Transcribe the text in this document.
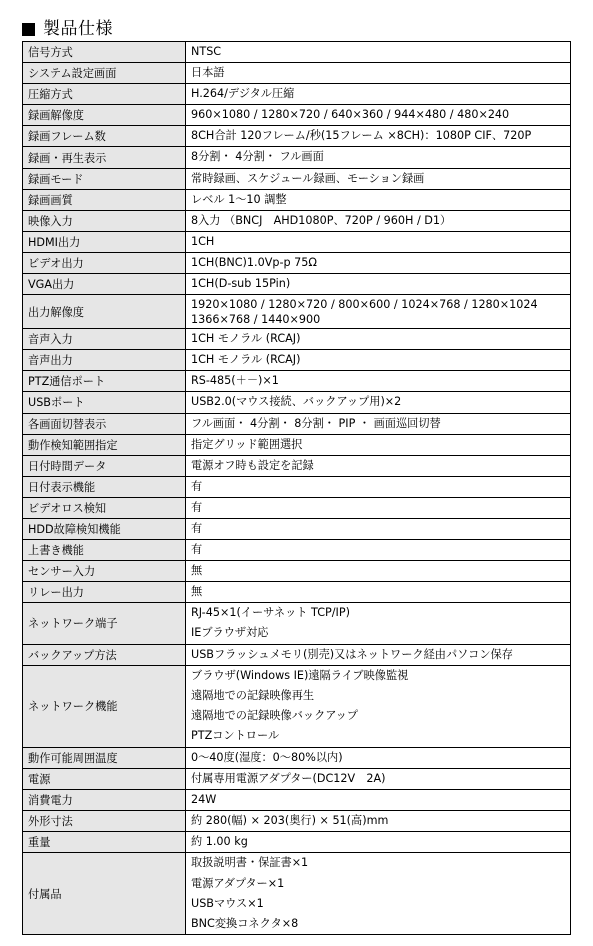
製品仕様
信号方式	NTSC

システム設定画面	日本語

圧縮方式	H.264/デジタル圧縮

録画解像度	960×1080 / 1280×720 / 640×360 / 944×480 / 480×240

録画フレーム数	8CH合計 120フレーム/秒(15フレーム ×8CH)：1080P CIF、720P

録画・再生表示	8分割・ 4分割・ フル画面

録画モード	常時録画、スケジュール録画、モーション録画

録画画質	レベル 1～10 調整

映像入力	8入力 （BNCJ　AHD1080P、720P / 960H / D1）

HDMI出力	1CH

ビデオ出力	1CH(BNC)1.0Vp-p 75Ω

VGA出力	1CH(D-sub 15Pin)

出力解像度	1920×1080 / 1280×720 / 800×600 / 1024×768 / 1280×1024
1366×768 / 1440×900

音声入力	1CH モノラル (RCAJ)

音声出力	1CH モノラル (RCAJ)

PTZ通信ポート	RS-485(＋－)×1

USBポート	USB2.0(マウス接続、バックアップ用)×2

各画面切替表示	フル画面・ 4分割・ 8分割・ PIP ・ 画面巡回切替

動作検知範囲指定	指定グリッド範囲選択

日付時間データ	電源オフ時も設定を記録

日付表示機能	有

ビデオロス検知	有

HDD故障検知機能	有

上書き機能	有

センサー入力	無

リレー出力	無

ネットワーク端子	RJ-45×1(イーサネット TCP/IP)
IEブラウザ対応

バックアップ方法	USBフラッシュメモリ(別売)又はネットワーク経由パソコン保存

ネットワーク機能	ブラウザ(Windows IE)遠隔ライブ映像監視
遠隔地での記録映像再生
遠隔地での記録映像バックアップ
PTZコントロール

動作可能周囲温度	0～40度(湿度：0～80%以内)

電源	付属専用電源アダプター(DC12V　2A)

消費電力	24W

外形寸法	約 280(幅) × 203(奥行) × 51(高)mm

重量	約 1.00 kg

付属品	取扱説明書・保証書×1
電源アダプター×1
USBマウス×1
BNC変換コネクタ×8
